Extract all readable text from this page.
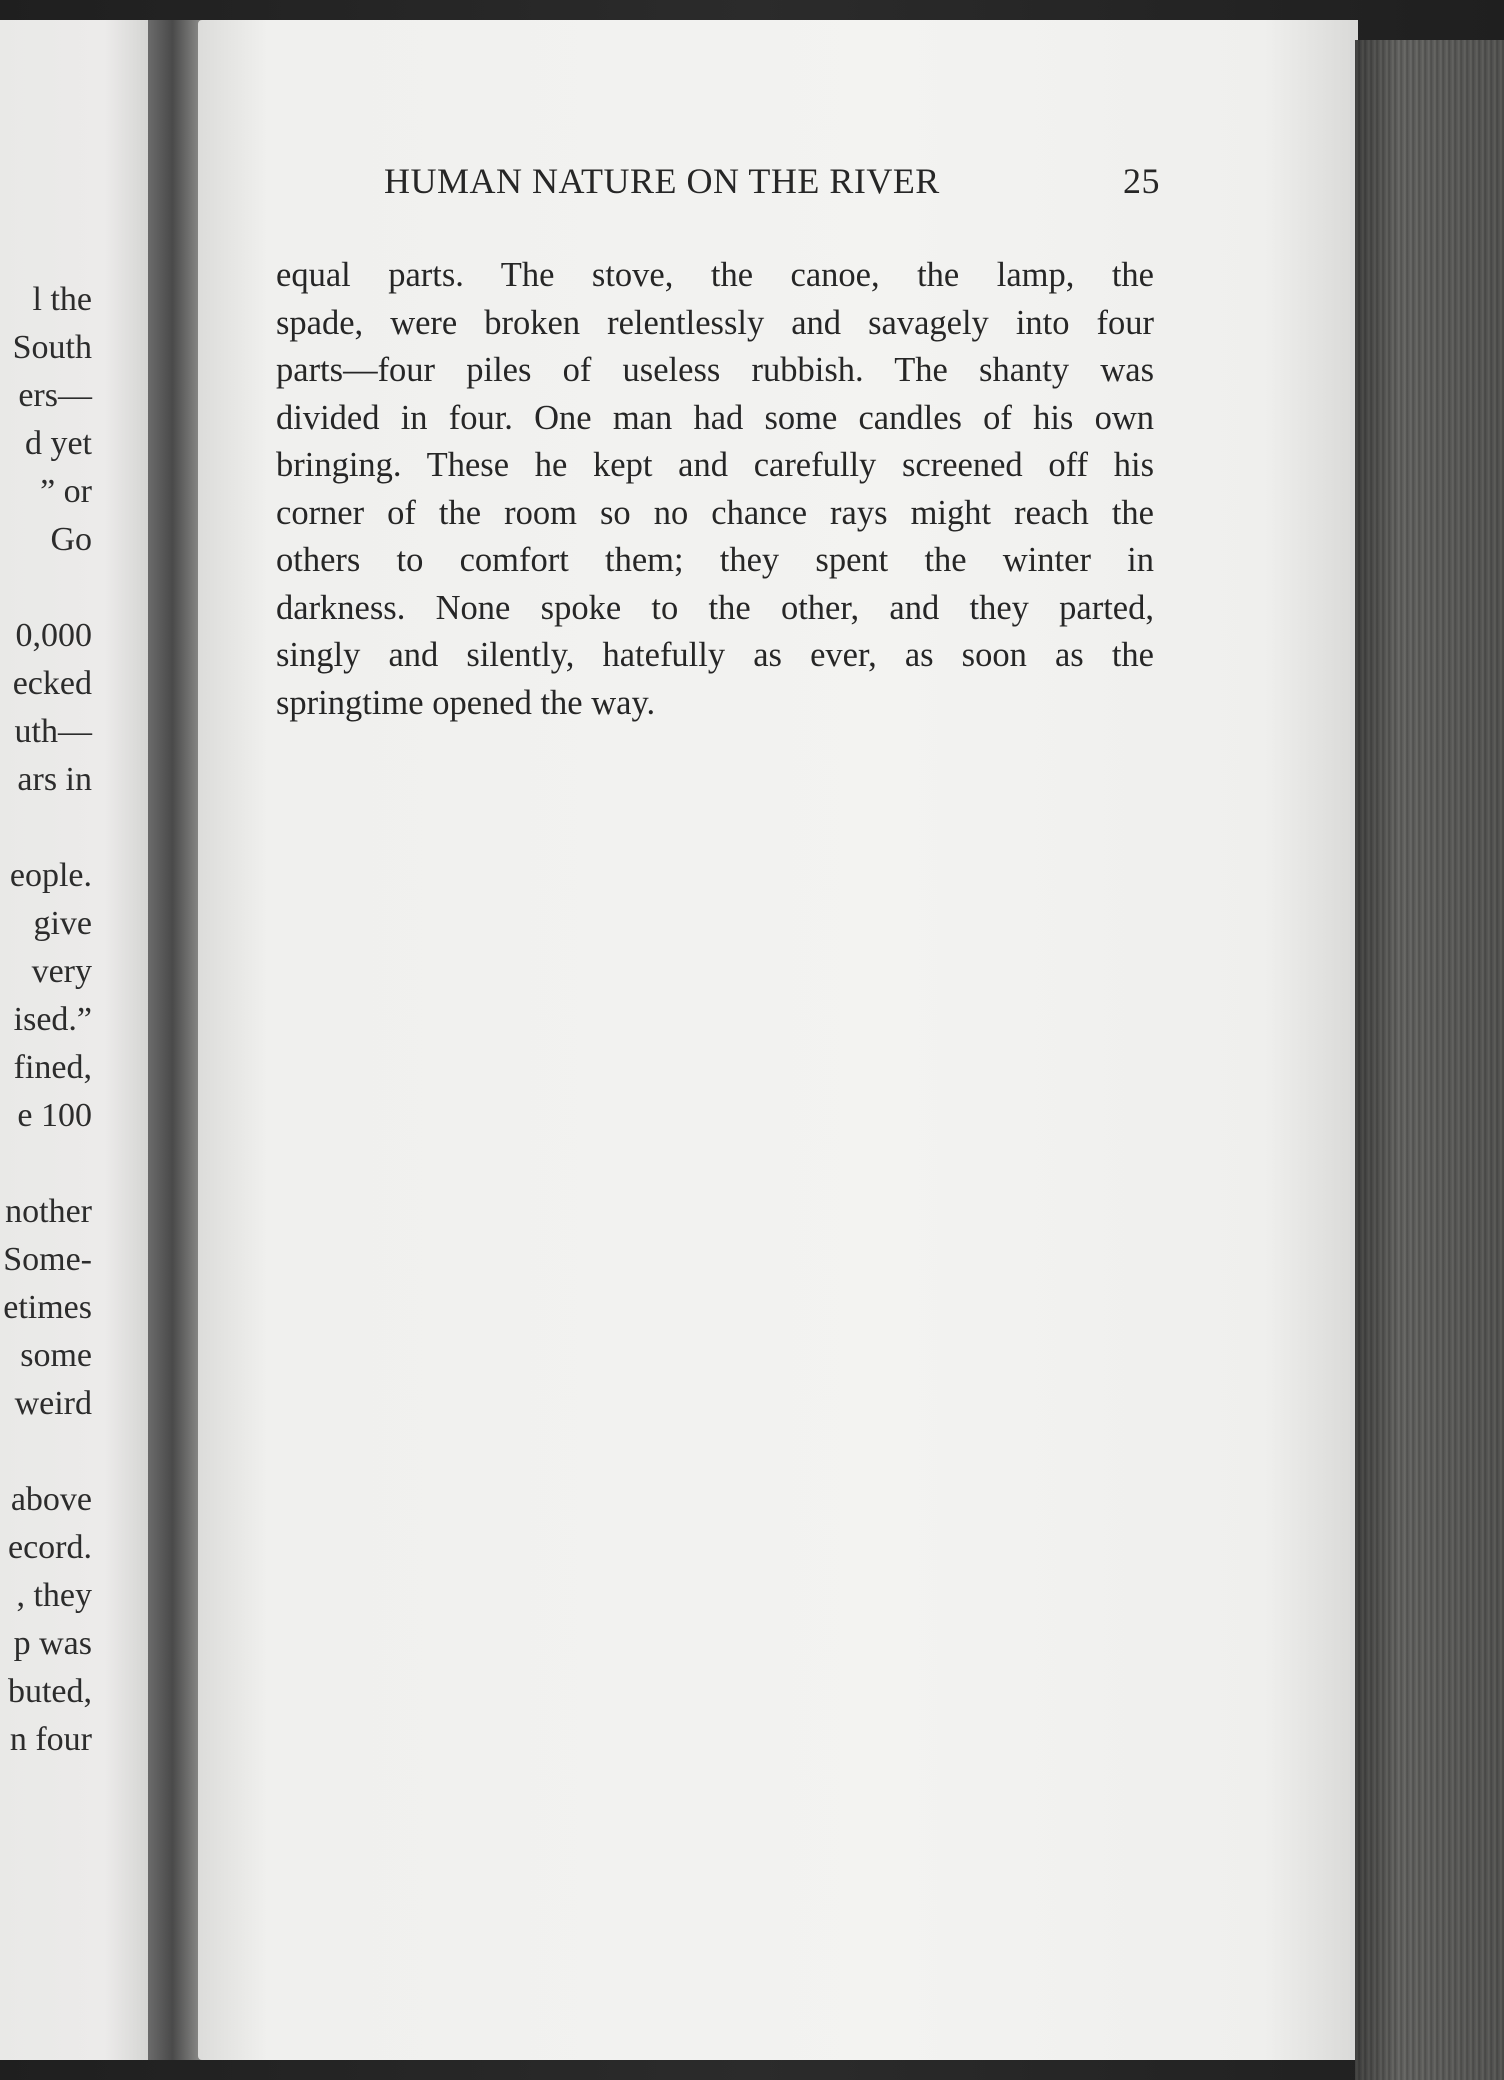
l the
South
ers—
d yet
” or
Go
0,000
ecked
uth—
ars in
eople.
give
very
ised.”
fined,
e 100
nother
Some-
etimes
some
weird
above
ecord.
, they
p was
buted,
n four
HUMAN NATURE ON THE RIVER	25
equal parts. The stove, the canoe, the lamp, the
spade, were broken relentlessly and savagely into four
parts—four piles of useless rubbish. The shanty was
divided in four. One man had some candles of his own
bringing. These he kept and carefully screened off his
corner of the room so no chance rays might reach the
others to comfort them; they spent the winter in
darkness. None spoke to the other, and they parted,
singly and silently, hatefully as ever, as soon as the
springtime opened the way.
